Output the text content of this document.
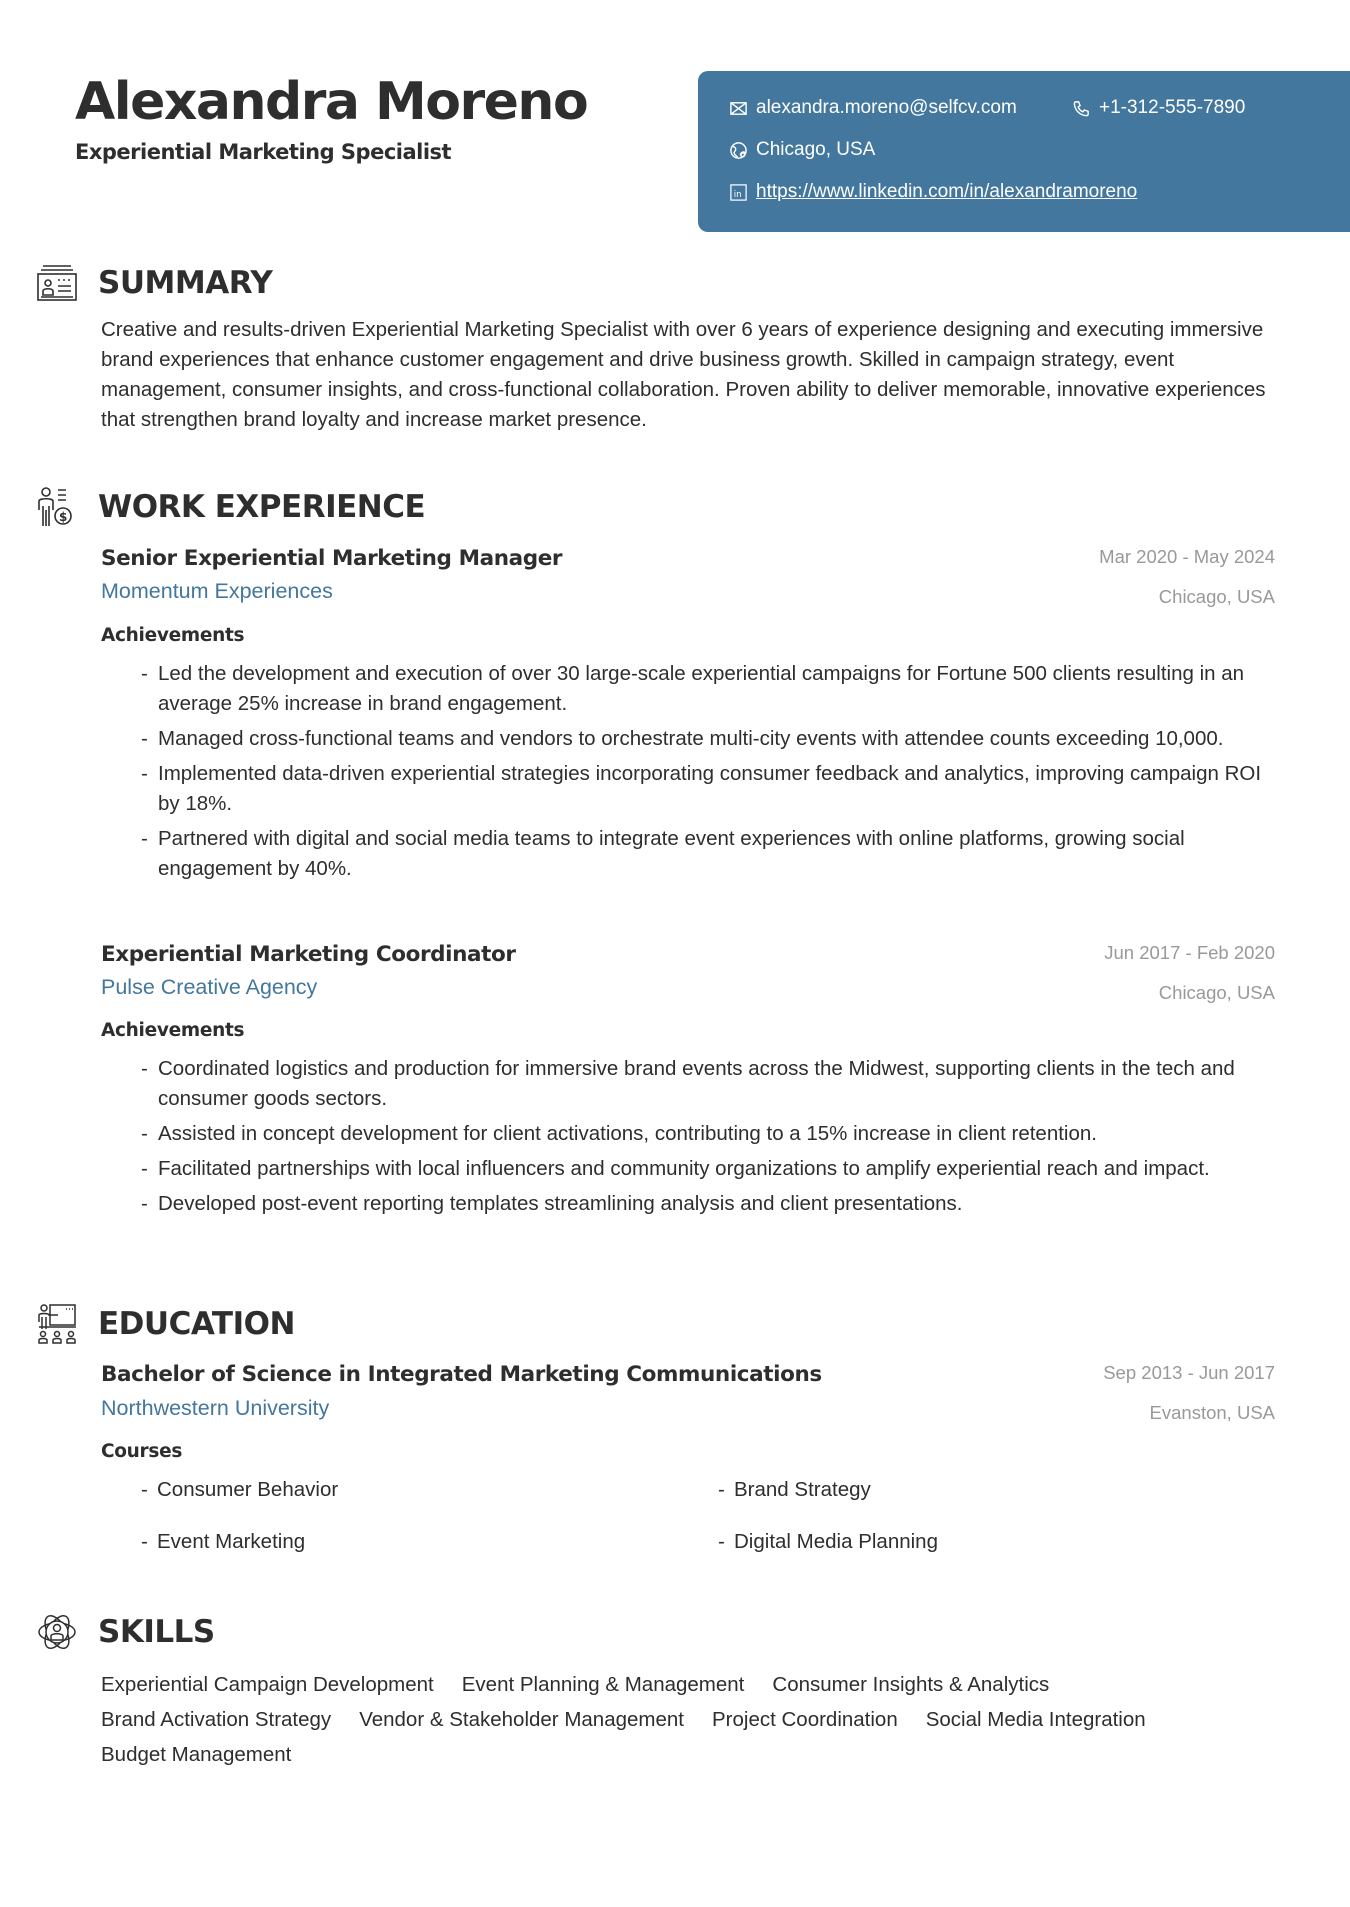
Alexandra Moreno
Experiential Marketing Specialist
alexandra.moreno@selfcv.com	+1-312-555-7890
Chicago, USA
in https://www.linkedin.com/in/alexandramoreno
SUMMARY

Creative and results-driven Experiential Marketing Specialist with over 6 years of experience designing and executing immersive brand experiences that enhance customer engagement and drive business growth. Skilled in campaign strategy, event management, consumer insights, and cross-functional collaboration. Proven ability to deliver memorable, innovative experiences that strengthen brand loyalty and increase market presence.

$ WORK EXPERIENCE
Senior Experiential Marketing Manager	Mar 2020 - May 2024
Momentum Experiences	Chicago, USA
Achievements
- Led the development and execution of over 30 large-scale experiential campaigns for Fortune 500 clients resulting in an average 25% increase in brand engagement.
- Managed cross-functional teams and vendors to orchestrate multi-city events with attendee counts exceeding 10,000.
- Implemented data-driven experiential strategies incorporating consumer feedback and analytics, improving campaign ROI by 18%.
- Partnered with digital and social media teams to integrate event experiences with online platforms, growing social engagement by 40%.
Experiential Marketing Coordinator	Jun 2017 - Feb 2020
Pulse Creative Agency	Chicago, USA
Achievements
- Coordinated logistics and production for immersive brand events across the Midwest, supporting clients in the tech and consumer goods sectors.
- Assisted in concept development for client activations, contributing to a 15% increase in client retention.
- Facilitated partnerships with local influencers and community organizations to amplify experiential reach and impact.
- Developed post-event reporting templates streamlining analysis and client presentations.
EDUCATION
Bachelor of Science in Integrated Marketing Communications	Sep 2013 - Jun 2017
Northwestern University	Evanston, USA
Courses
- Consumer Behavior	- Brand Strategy
- Event Marketing	- Digital Media Planning
SKILLS
Experiential Campaign Development Event Planning & Management Consumer Insights & Analytics
Brand Activation Strategy Vendor & Stakeholder Management Project Coordination Social Media Integration
Budget Management
